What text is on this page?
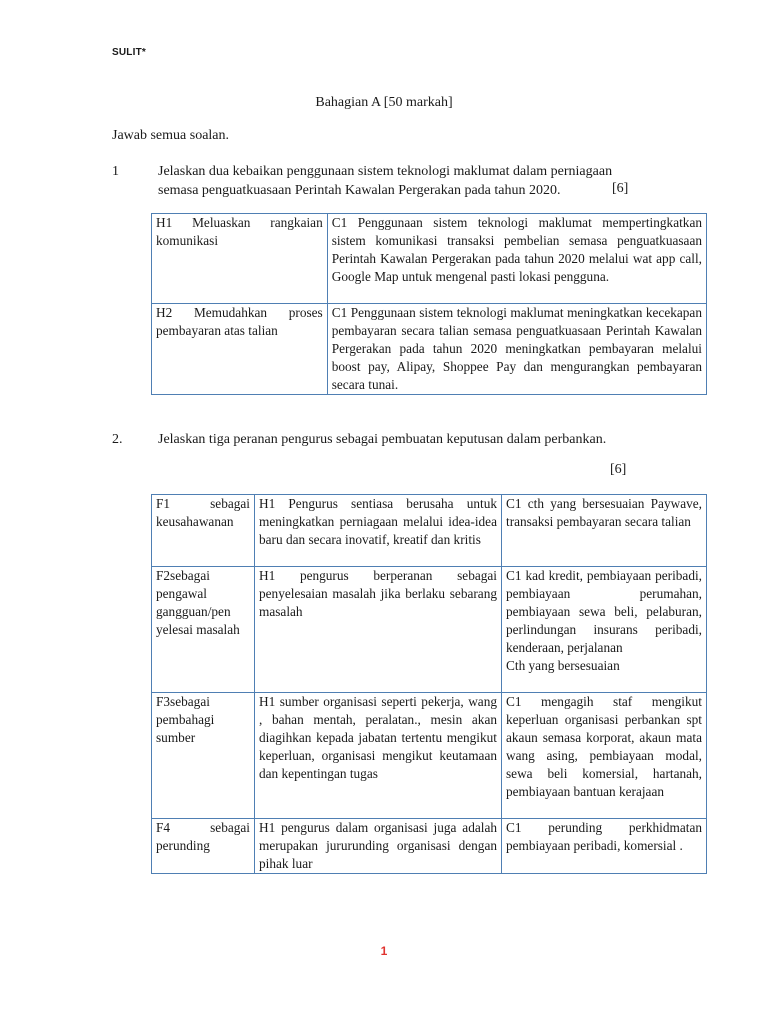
SULIT*
Bahagian A [50 markah]
Jawab semua soalan.
1	Jelaskan dua kebaikan penggunaan sistem teknologi maklumat dalam perniagaan
semasa penguatkuasaan Perintah Kawalan Pergerakan pada tahun 2020.	[6]
H1 Meluaskan rangkaian komunikasi	C1 Penggunaan sistem teknologi maklumat mempertingkatkan sistem komunikasi transaksi pembelian semasa penguatkuasaan Perintah Kawalan Pergerakan pada tahun 2020 melalui wat app call, Google Map untuk mengenal pasti lokasi pengguna.
H2 Memudahkan proses pembayaran atas talian	C1 Penggunaan sistem teknologi maklumat meningkatkan kecekapan pembayaran secara talian semasa penguatkuasaan Perintah Kawalan Pergerakan pada tahun 2020 meningkatkan pembayaran melalui boost pay, Alipay, Shoppee Pay dan mengurangkan pembayaran secara tunai.
2.	Jelaskan tiga peranan pengurus sebagai pembuatan keputusan dalam perbankan.
[6]
F1 sebagai keusahawanan	H1 Pengurus sentiasa berusaha untuk meningkatkan perniagaan melalui idea-idea baru dan secara inovatif, kreatif dan kritis	C1 cth yang bersesuaian Paywave, transaksi pembayaran secara talian

F2sebagai pengawal gangguan/pen yelesai masalah	H1 pengurus berperanan sebagai penyelesaian masalah jika berlaku sebarang masalah	C1 kad kredit, pembiayaan peribadi, pembiayaan perumahan, pembiayaan sewa beli, pelaburan, perlindungan insurans peribadi, kenderaan, perjalanan
Cth yang bersesuaian

F3sebagai pembahagi sumber	H1 sumber organisasi seperti pekerja, wang , bahan mentah, peralatan., mesin akan diagihkan kepada jabatan tertentu mengikut keperluan, organisasi mengikut keutamaan dan kepentingan tugas	C1 mengagih staf mengikut keperluan organisasi perbankan spt akaun semasa korporat, akaun mata wang asing, pembiayaan modal, sewa beli komersial, hartanah, pembiayaan bantuan kerajaan

F4 sebagai perunding	H1 pengurus dalam organisasi juga adalah merupakan jururunding organisasi dengan pihak luar	C1 perunding perkhidmatan pembiayaan peribadi, komersial .
1
